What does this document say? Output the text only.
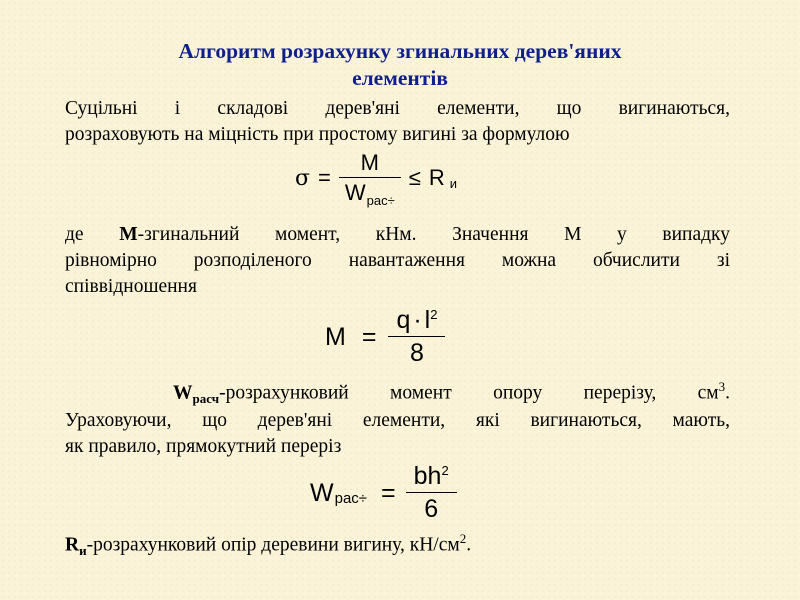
Алгоритм розрахунку згинальних дерев'яних
елементів
Суцільні і складові дерев'яні елементи, що вигинаються,
розраховують на міцність при простому вигині за формулою
$\sigma = \frac{M}{W_{рас\div}} \le R$ и
де М-згинальний момент, кНм. Значення М у випадку
рівномірно розподіленого навантаження можна обчислити зі
співвідношення
$M = \frac{q \cdot l^2}{8}$
$W_{расч}$-розрахунковий момент опору перерізу, $см^3$.
Ураховуючи, що дерев'яні елементи, які вигинаються, мають,
як правило, прямокутний переріз
W $рас\div = \frac{bh^2}{6}$
$R_и$-розрахунковий опір деревини вигину, $кН/см^2$.
